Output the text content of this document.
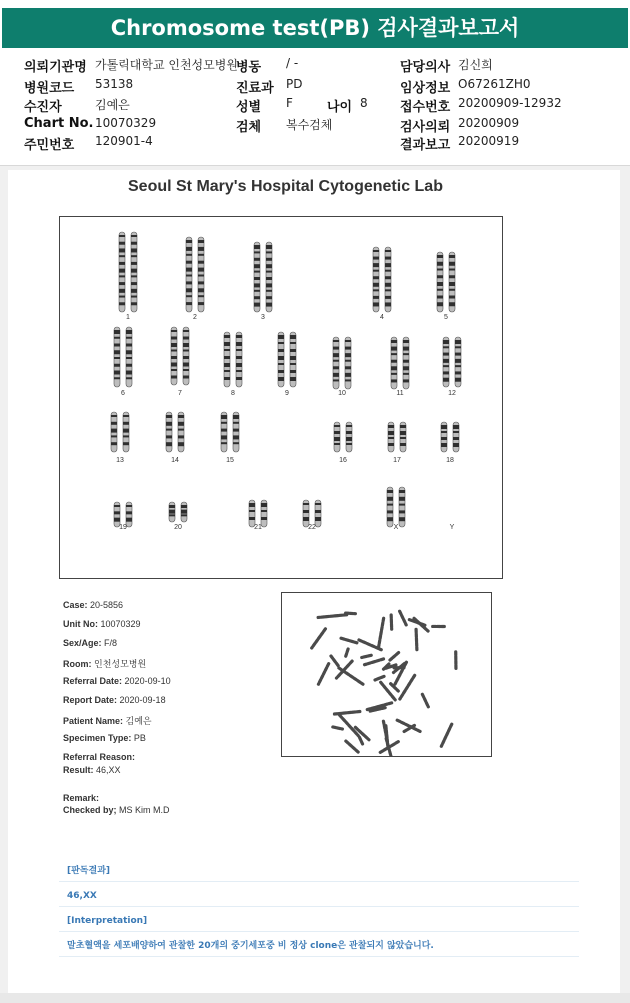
Chromosome test(PB) 검사결과보고서
의뢰기관명 가톨릭대학교 인천성모병원
병동 / -	담당의사 김신희
병원코드 53138	진료과 PD	임상정보 O67261ZH0
수진자	김예은	성별 F	나이 8 접수번호 20200909-12932
Chart No. 10070329	검체 복수검체	검사의뢰 20200909
주민번호 120901-4	결과보고 20200919
Seoul St Mary's Hospital Cytogenetic Lab
1	2	3	4	5
6	7	8	9	10	11	12
13	14	15	16	17	18
19	20	21	22	X	Y
Case: 20-5856
Unit No: 10070329
Sex/Age: F/8
Room: 인천성모병원
Referral Date: 2020-09-10
Report Date: 2020-09-18
Patient Name: 김예은
Specimen Type: PB
Referral Reason:
Result: 46,XX
Remark:
Checked by; MS Kim M.D
[판독결과]
46,XX
[Interpretation]
말초혈액을 세포배양하여 관찰한 20개의 중기세포중 비 정상 clone은 관찰되지 않았습니다.
